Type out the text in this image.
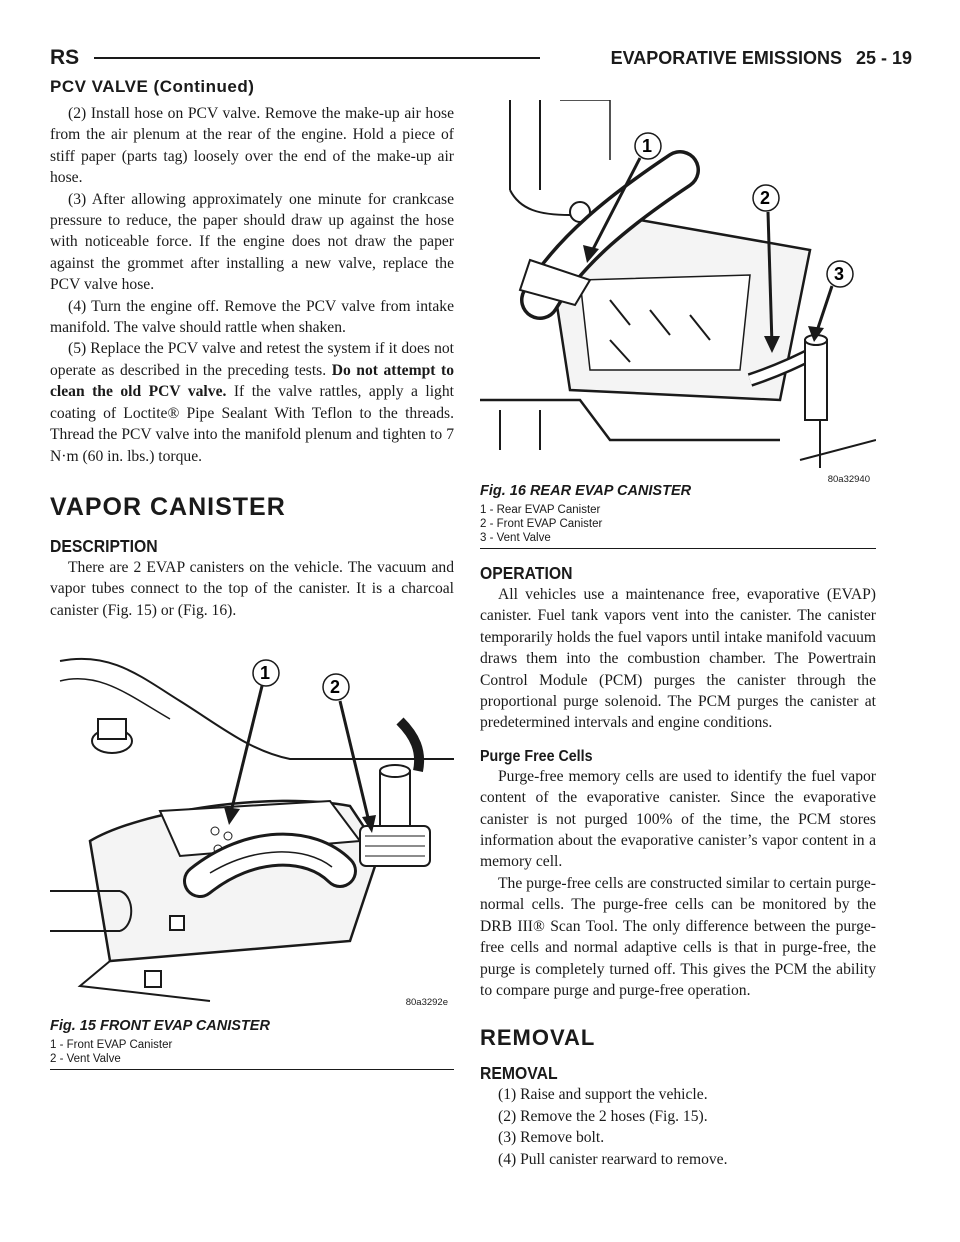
RS	EVAPORATIVE EMISSIONS 25 - 19
PCV VALVE (Continued)

(2) Install hose on PCV valve. Remove the make-up air hose from the air plenum at the rear of the engine. Hold a piece of stiff paper (parts tag) loosely over the end of the make-up air hose.

(3) After allowing approximately one minute for crankcase pressure to reduce, the paper should draw up against the hose with noticeable force. If the engine does not draw the paper against the grommet after installing a new valve, replace the PCV valve hose.

(4) Turn the engine off. Remove the PCV valve from intake manifold. The valve should rattle when shaken.

(5) Replace the PCV valve and retest the system if it does not operate as described in the preceding tests. Do not attempt to clean the old PCV valve. If the valve rattles, apply a light coating of Loctite® Pipe Sealant With Teflon to the threads. Thread the PCV valve into the manifold plenum and tighten to 7 N·m (60 in. lbs.) torque.

VAPOR CANISTER
DESCRIPTION

There are 2 EVAP canisters on the vehicle. The vacuum and vapor tubes connect to the top of the canister. It is a charcoal canister (Fig. 15) or (Fig. 16).

1
2
80a3292e
Fig. 15 FRONT EVAP CANISTER
1 - Front EVAP Canister
2 - Vent Valve
1
2
3
80a32940
Fig. 16 REAR EVAP CANISTER
1 - Rear EVAP Canister
2 - Front EVAP Canister
3 - Vent Valve
OPERATION

All vehicles use a maintenance free, evaporative (EVAP) canister. Fuel tank vapors vent into the canister. The canister temporarily holds the fuel vapors until intake manifold vacuum draws them into the combustion chamber. The Powertrain Control Module (PCM) purges the canister through the proportional purge solenoid. The PCM purges the canister at predetermined intervals and engine conditions.

Purge Free Cells

Purge-free memory cells are used to identify the fuel vapor content of the evaporative canister. Since the evaporative canister is not purged 100% of the time, the PCM stores information about the evaporative canister’s vapor content in a memory cell.

The purge-free cells are constructed similar to certain purge-normal cells. The purge-free cells can be monitored by the DRB III® Scan Tool. The only difference between the purge-free cells and normal adaptive cells is that in purge-free, the purge is completely turned off. This gives the PCM the ability to compare purge and purge-free operation.

REMOVAL
REMOVAL

(1) Raise and support the vehicle.

(2) Remove the 2 hoses (Fig. 15).

(3) Remove bolt.

(4) Pull canister rearward to remove.
